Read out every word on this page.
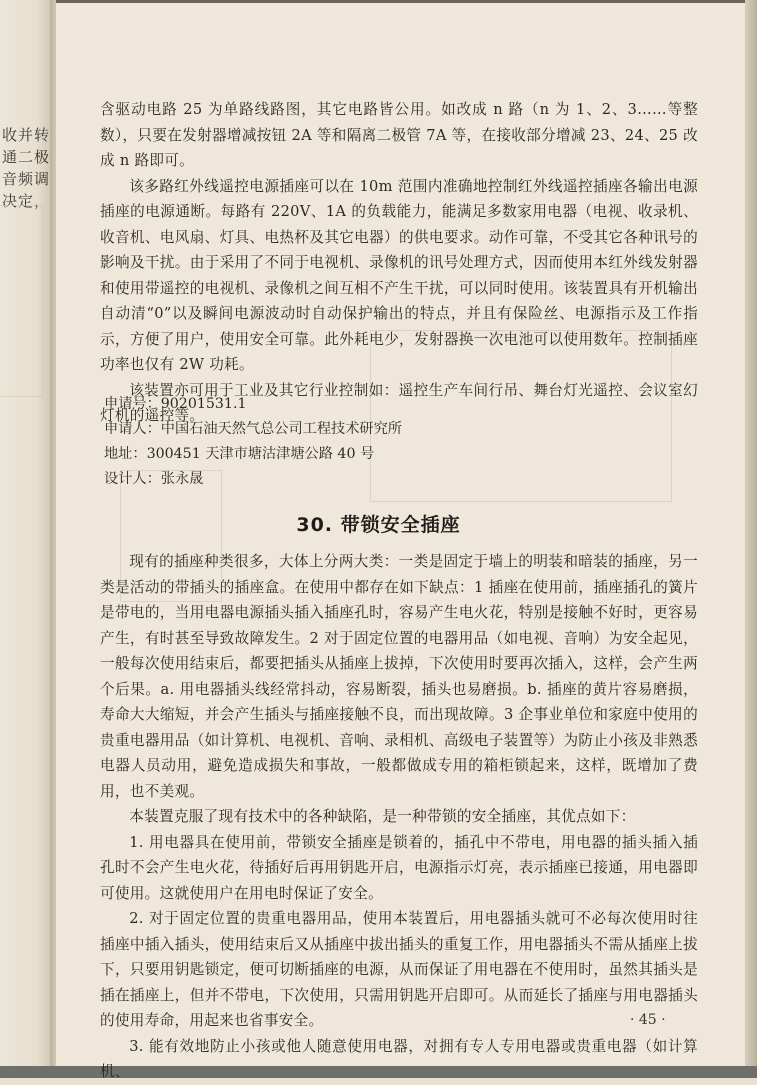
收并转
通二极
音频调
决定，

含驱动电路 25 为单路线路图，其它电路皆公用。如改成 n 路（n 为 1、2、3……等整数），只要在发射器增减按钮 2A 等和隔离二极管 7A 等，在接收部分增减 23、24、25 改成 n 路即可。

该多路红外线遥控电源插座可以在 10m 范围内准确地控制红外线遥控插座各输出电源插座的电源通断。每路有 220V、1A 的负载能力，能满足多数家用电器（电视、收录机、收音机、电风扇、灯具、电热杯及其它电器）的供电要求。动作可靠，不受其它各种讯号的影响及干扰。由于采用了不同于电视机、录像机的讯号处理方式，因而使用本红外线发射器和使用带遥控的电视机、录像机之间互相不产生干扰，可以同时使用。该装置具有开机输出自动清“0”以及瞬间电源波动时自动保护输出的特点，并且有保险丝、电源指示及工作指示，方便了用户，使用安全可靠。此外耗电少，发射器换一次电池可以使用数年。控制插座功率也仅有 2W 功耗。

该装置亦可用于工业及其它行业控制如：遥控生产车间行吊、舞台灯光遥控、会议室幻灯机的遥控等。

申请号：90201531.1
申请人：中国石油天然气总公司工程技术研究所
地址：300451 天津市塘沽津塘公路 40 号
设计人：张永晟
30. 带锁安全插座

现有的插座种类很多，大体上分两大类：一类是固定于墙上的明装和暗装的插座，另一类是活动的带插头的插座盒。在使用中都存在如下缺点：1 插座在使用前，插座插孔的簧片是带电的，当用电器电源插头插入插座孔时，容易产生电火花，特别是接触不好时，更容易产生，有时甚至导致故障发生。2 对于固定位置的电器用品（如电视、音响）为安全起见，一般每次使用结束后，都要把插头从插座上拔掉，下次使用时要再次插入，这样，会产生两个后果。a. 用电器插头线经常抖动，容易断裂，插头也易磨损。b. 插座的黄片容易磨损，寿命大大缩短，并会产生插头与插座接触不良，而出现故障。3 企事业单位和家庭中使用的贵重电器用品（如计算机、电视机、音响、录相机、高级电子装置等）为防止小孩及非熟悉电器人员动用，避免造成损失和事故，一般都做成专用的箱柜锁起来，这样，既增加了费用，也不美观。

本装置克服了现有技术中的各种缺陷，是一种带锁的安全插座，其优点如下：

1. 用电器具在使用前，带锁安全插座是锁着的，插孔中不带电，用电器的插头插入插孔时不会产生电火花，待插好后再用钥匙开启，电源指示灯亮，表示插座已接通，用电器即可使用。这就使用户在用电时保证了安全。

2. 对于固定位置的贵重电器用品，使用本装置后，用电器插头就可不必每次使用时往插座中插入插头，使用结束后又从插座中拔出插头的重复工作，用电器插头不需从插座上拔下，只要用钥匙锁定，便可切断插座的电源，从而保证了用电器在不使用时，虽然其插头是插在插座上，但并不带电，下次使用，只需用钥匙开启即可。从而延长了插座与用电器插头的使用寿命，用起来也省事安全。

3. 能有效地防止小孩或他人随意使用电器，对拥有专人专用电器或贵重电器（如计算机、

· 45 ·
